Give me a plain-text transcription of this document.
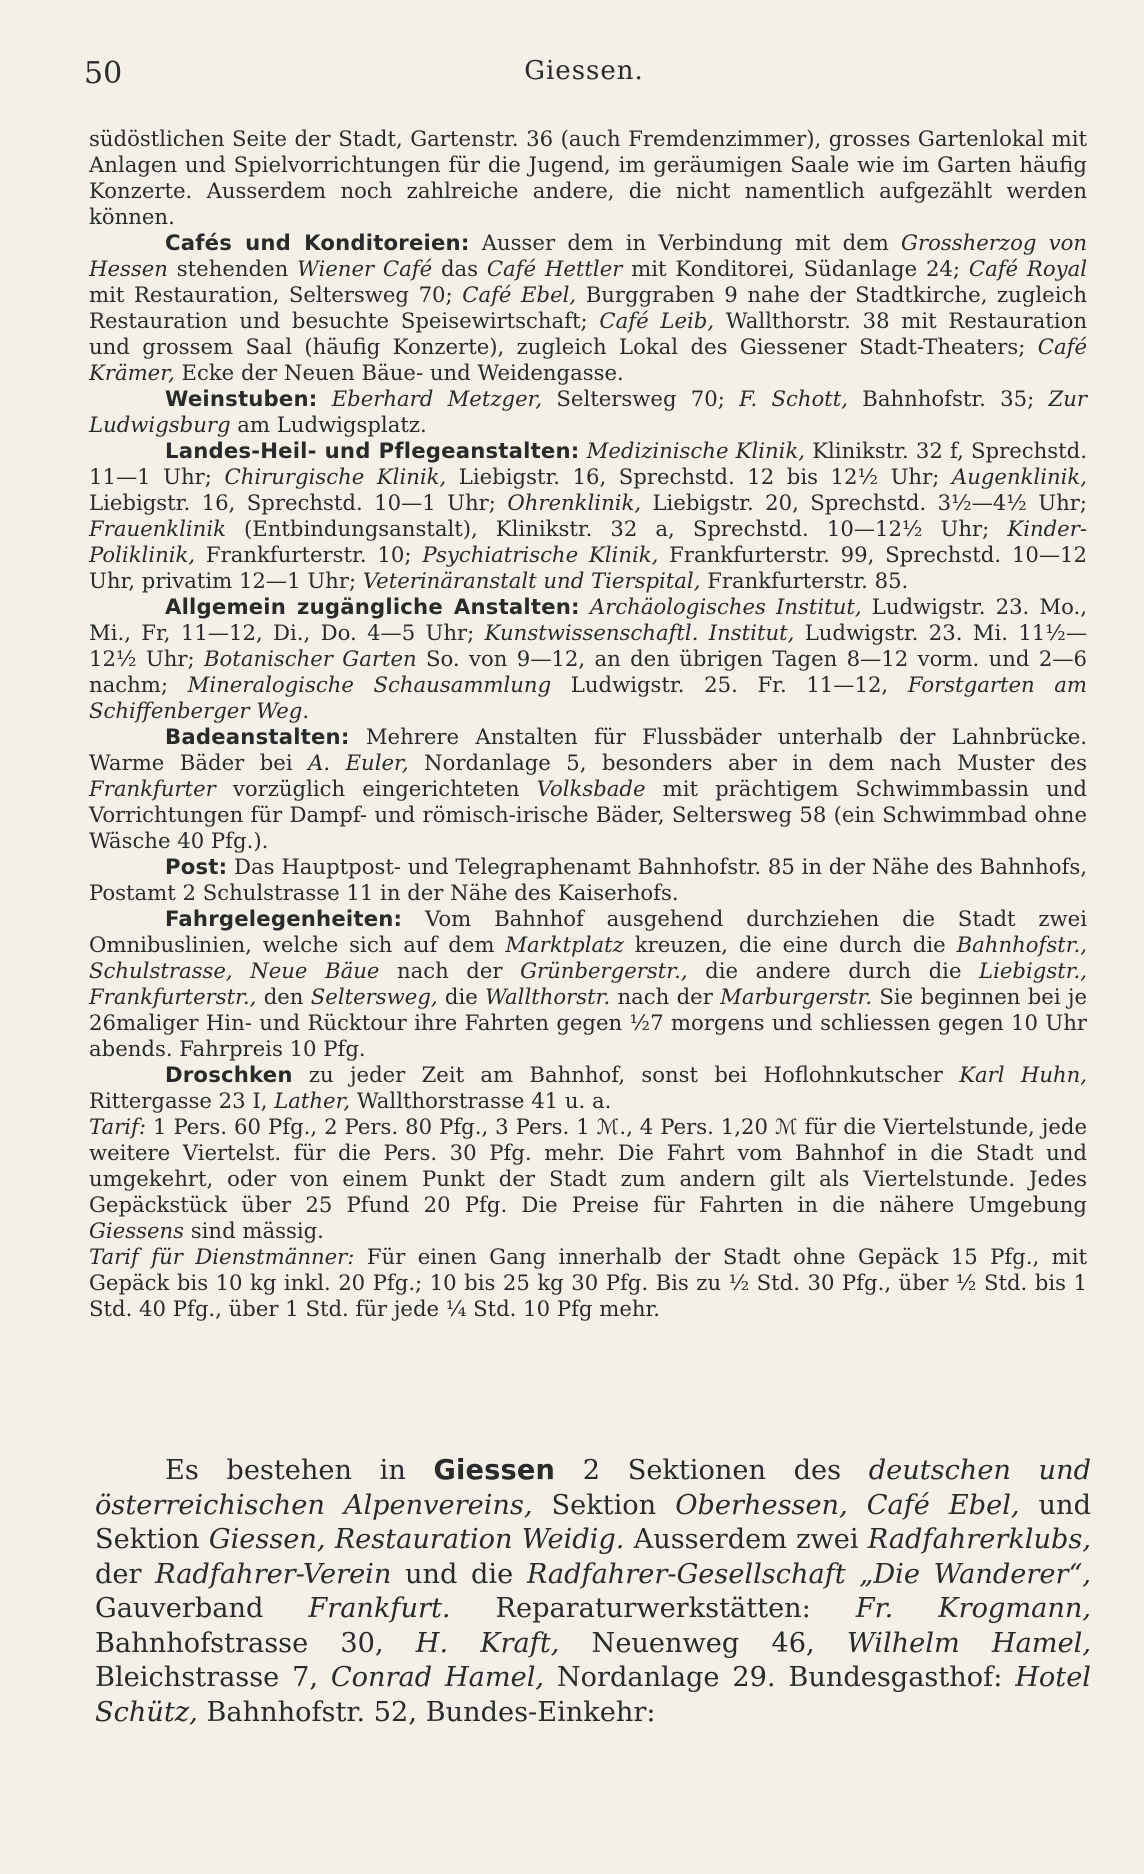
50	Giessen.

südöstlichen Seite der Stadt, Gartenstr. 36 (auch Fremdenzimmer), grosses Gartenlokal mit Anlagen und Spielvorrichtungen für die Jugend, im geräumigen Saale wie im Garten häufig Konzerte. Ausserdem noch zahlreiche andere, die nicht namentlich aufgezählt werden können.

Cafés und Konditoreien: Ausser dem in Verbindung mit dem Grossherzog von Hessen stehenden Wiener Café das Café Hettler mit Konditorei, Südanlage 24; Café Royal mit Restauration, Seltersweg 70; Café Ebel, Burggraben 9 nahe der Stadtkirche, zugleich Restauration und besuchte Speisewirtschaft; Café Leib, Wallthorstr. 38 mit Restauration und grossem Saal (häufig Konzerte), zugleich Lokal des Giessener Stadt-Theaters; Café Krämer, Ecke der Neuen Bäue- und Weidengasse.

Weinstuben: Eberhard Metzger, Seltersweg 70; F. Schott, Bahnhofstr. 35; Zur Ludwigsburg am Ludwigsplatz.

Landes-Heil- und Pflegeanstalten: Medizinische Klinik, Klinikstr. 32 f, Sprechstd. 11—1 Uhr; Chirurgische Klinik, Liebigstr. 16, Sprechstd. 12 bis 12½ Uhr; Augenklinik, Liebigstr. 16, Sprechstd. 10—1 Uhr; Ohrenklinik, Liebigstr. 20, Sprechstd. 3½—4½ Uhr; Frauenklinik (Entbindungsanstalt), Klinikstr. 32 a, Sprechstd. 10—12½ Uhr; Kinder-Poliklinik, Frankfurterstr. 10; Psychiatrische Klinik, Frankfurterstr. 99, Sprechstd. 10—12 Uhr, privatim 12—1 Uhr; Veterinäranstalt und Tierspital, Frankfurterstr. 85.

Allgemein zugängliche Anstalten: Archäologisches Institut, Ludwigstr. 23. Mo., Mi., Fr, 11—12, Di., Do. 4—5 Uhr; Kunstwissenschaftl. Institut, Ludwigstr. 23. Mi. 11½—12½ Uhr; Botanischer Garten So. von 9—12, an den übrigen Tagen 8—12 vorm. und 2—6 nachm; Mineralogische Schausammlung Ludwigstr. 25. Fr. 11—12, Forstgarten am Schiffenberger Weg.

Badeanstalten: Mehrere Anstalten für Flussbäder unterhalb der Lahnbrücke. Warme Bäder bei A. Euler, Nordanlage 5, besonders aber in dem nach Muster des Frankfurter vorzüglich eingerichteten Volksbade mit prächtigem Schwimmbassin und Vorrichtungen für Dampf- und römisch-irische Bäder, Seltersweg 58 (ein Schwimmbad ohne Wäsche 40 Pfg.).

Post: Das Hauptpost- und Telegraphenamt Bahnhofstr. 85 in der Nähe des Bahnhofs, Postamt 2 Schulstrasse 11 in der Nähe des Kaiserhofs.

Fahrgelegenheiten: Vom Bahnhof ausgehend durchziehen die Stadt zwei Omnibuslinien, welche sich auf dem Marktplatz kreuzen, die eine durch die Bahnhofstr., Schulstrasse, Neue Bäue nach der Grünbergerstr., die andere durch die Liebigstr., Frankfurterstr., den Seltersweg, die Wallthorstr. nach der Marburgerstr. Sie beginnen bei je 26maliger Hin- und Rücktour ihre Fahrten gegen ½7 morgens und schliessen gegen 10 Uhr abends. Fahrpreis 10 Pfg.

Droschken zu jeder Zeit am Bahnhof, sonst bei Hoflohnkutscher Karl Huhn, Rittergasse 23 I, Lather, Wallthorstrasse 41 u. a.

Tarif: 1 Pers. 60 Pfg., 2 Pers. 80 Pfg., 3 Pers. 1 ℳ., 4 Pers. 1,20 ℳ für die Viertelstunde, jede weitere Viertelst. für die Pers. 30 Pfg. mehr. Die Fahrt vom Bahnhof in die Stadt und umgekehrt, oder von einem Punkt der Stadt zum andern gilt als Viertelstunde. Jedes Gepäckstück über 25 Pfund 20 Pfg. Die Preise für Fahrten in die nähere Umgebung Giessens sind mässig.

Tarif für Dienstmänner: Für einen Gang innerhalb der Stadt ohne Gepäck 15 Pfg., mit Gepäck bis 10 kg inkl. 20 Pfg.; 10 bis 25 kg 30 Pfg. Bis zu ½ Std. 30 Pfg., über ½ Std. bis 1 Std. 40 Pfg., über 1 Std. für jede ¼ Std. 10 Pfg mehr.

Es bestehen in Giessen 2 Sektionen des deutschen und österreichischen Alpenvereins, Sektion Oberhessen, Café Ebel, und Sektion Giessen, Restauration Weidig. Ausserdem zwei Radfahrerklubs, der Radfahrer-Verein und die Radfahrer-Gesellschaft „Die Wanderer“, Gauverband Frankfurt. Reparaturwerkstätten: Fr. Krogmann, Bahnhofstrasse 30, H. Kraft, Neuenweg 46, Wilhelm Hamel, Bleichstrasse 7, Conrad Hamel, Nordanlage 29. Bundesgasthof: Hotel Schütz, Bahnhofstr. 52, Bundes-Einkehr:
